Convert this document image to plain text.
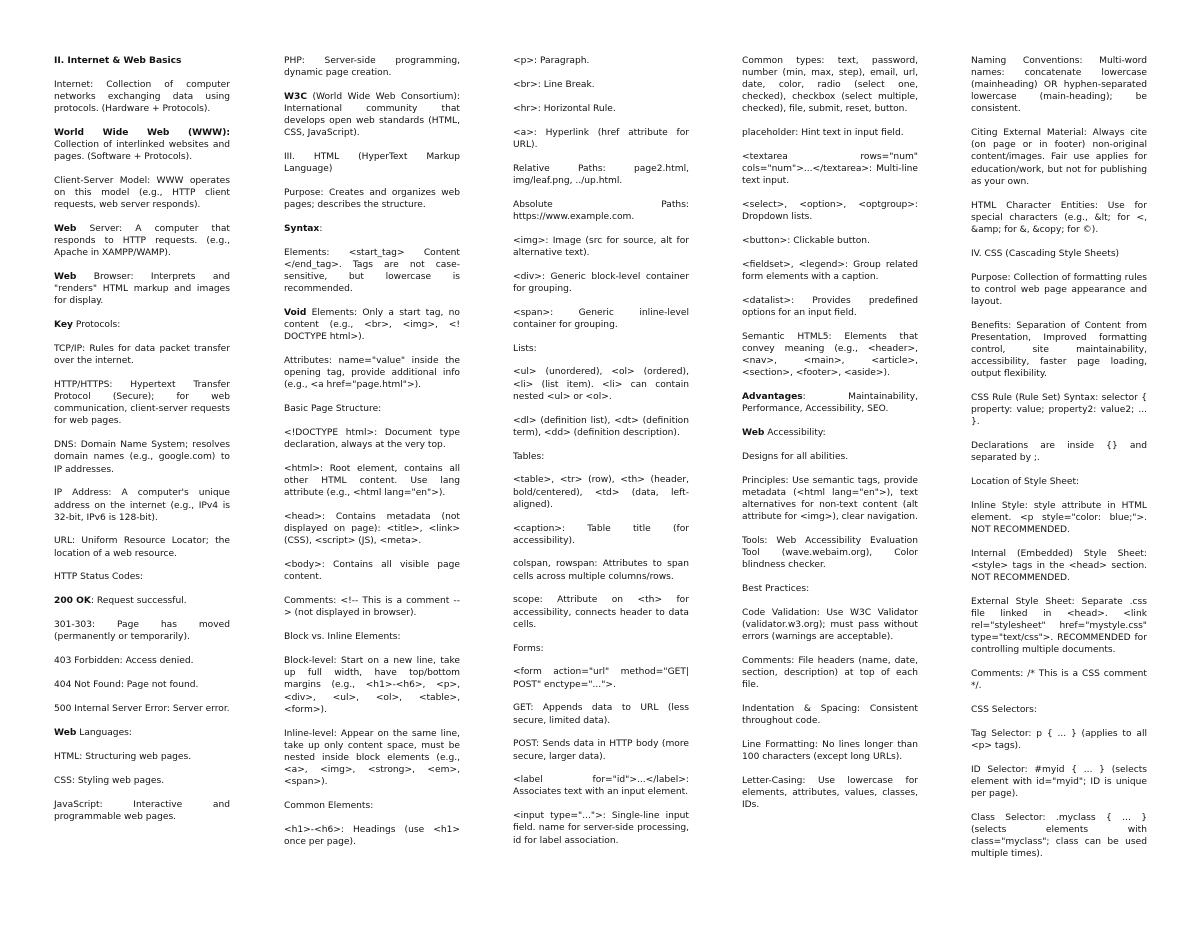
II. Internet & Web Basics

Internet: Collection of computer networks exchanging data using protocols. (Hardware + Protocols).

World Wide Web (WWW): Collection of interlinked websites and pages. (Software + Protocols).

Client-Server Model: WWW operates on this model (e.g., HTTP client requests, web server responds).

Web Server: A computer that responds to HTTP requests. (e.g., Apache in XAMPP/WAMP).

Web Browser: Interprets and "renders" HTML markup and images for display.

Key Protocols:

TCP/IP: Rules for data packet transfer over the internet.

HTTP/HTTPS: Hypertext Transfer Protocol (Secure); for web communication, client-server requests for web pages.

DNS: Domain Name System; resolves domain names (e.g., google.com) to IP addresses.

IP Address: A computer's unique address on the internet (e.g., IPv4 is 32-bit, IPv6 is 128-bit).

URL: Uniform Resource Locator; the location of a web resource.

HTTP Status Codes:

200 OK: Request successful.

301-303: Page has moved (permanently or temporarily).

403 Forbidden: Access denied.

404 Not Found: Page not found.

500 Internal Server Error: Server error.

Web Languages:

HTML: Structuring web pages.

CSS: Styling web pages.

JavaScript: Interactive and programmable web pages.

PHP: Server-side programming, dynamic page creation.

W3C (World Wide Web Consortium): International community that develops open web standards (HTML, CSS, JavaScript).

III. HTML (HyperText Markup Language)

Purpose: Creates and organizes web pages; describes the structure.

Syntax:

Elements: <start_tag> Content </end_tag>. Tags are not case-sensitive, but lowercase is recommended.

Void Elements: Only a start tag, no content (e.g., <br>, <img>, <! DOCTYPE html>).

Attributes: name="value" inside the opening tag, provide additional info (e.g., <a href="page.html">).

Basic Page Structure:

<!DOCTYPE html>: Document type declaration, always at the very top.

<html>: Root element, contains all other HTML content. Use lang attribute (e.g., <html lang="en">).

<head>: Contains metadata (not displayed on page): <title>, <link> (CSS), <script> (JS), <meta>.

<body>: Contains all visible page content.

Comments: <!-- This is a comment --> (not displayed in browser).

Block vs. Inline Elements:

Block-level: Start on a new line, take up full width, have top/bottom margins (e.g., <h1>-<h6>, <p>, <div>, <ul>, <ol>, <table>, <form>).

Inline-level: Appear on the same line, take up only content space, must be nested inside block elements (e.g., <a>, <img>, <strong>, <em>, <span>).

Common Elements:

<h1>-<h6>: Headings (use <h1> once per page).

<p>: Paragraph.

<br>: Line Break.

<hr>: Horizontal Rule.

<a>: Hyperlink (href attribute for URL).

Relative Paths: page2.html, img/leaf.png, ../up.html.

Absolute Paths: https://www.example.com.

<img>: Image (src for source, alt for alternative text).

<div>: Generic block-level container for grouping.

<span>: Generic inline-level container for grouping.

Lists:

<ul> (unordered), <ol> (ordered), <li> (list item). <li> can contain nested <ul> or <ol>.

<dl> (definition list), <dt> (definition term), <dd> (definition description).

Tables:

<table>, <tr> (row), <th> (header, bold/centered), <td> (data, left-aligned).

<caption>: Table title (for accessibility).

colspan, rowspan: Attributes to span cells across multiple columns/rows.

scope: Attribute on <th> for accessibility, connects header to data cells.

Forms:

<form action="url" method="GET| POST" enctype="...">.

GET: Appends data to URL (less secure, limited data).

POST: Sends data in HTTP body (more secure, larger data).

<label for="id">...</label>: Associates text with an input element.

<input type="...">: Single-line input field. name for server-side processing, id for label association.

Common types: text, password, number (min, max, step), email, url, date, color, radio (select one, checked), checkbox (select multiple, checked), file, submit, reset, button.

placeholder: Hint text in input field.

<textarea rows="num" cols="num">...</textarea>: Multi-line text input.

<select>, <option>, <optgroup>: Dropdown lists.

<button>: Clickable button.

<fieldset>, <legend>: Group related form elements with a caption.

<datalist>: Provides predefined options for an input field.

Semantic HTML5: Elements that convey meaning (e.g., <header>, <nav>, <main>, <article>, <section>, <footer>, <aside>).

Advantages: Maintainability, Performance, Accessibility, SEO.

Web Accessibility:

Designs for all abilities.

Principles: Use semantic tags, provide metadata (<html lang="en">), text alternatives for non-text content (alt attribute for <img>), clear navigation.

Tools: Web Accessibility Evaluation Tool (wave.webaim.org), Color blindness checker.

Best Practices:

Code Validation: Use W3C Validator (validator.w3.org); must pass without errors (warnings are acceptable).

Comments: File headers (name, date, section, description) at top of each file.

Indentation & Spacing: Consistent throughout code.

Line Formatting: No lines longer than 100 characters (except long URLs).

Letter-Casing: Use lowercase for elements, attributes, values, classes, IDs.

Naming Conventions: Multi-word names: concatenate lowercase (mainheading) OR hyphen-separated lowercase (main-heading); be consistent.

Citing External Material: Always cite (on page or in footer) non-original content/images. Fair use applies for education/work, but not for publishing as your own.

HTML Character Entities: Use for special characters (e.g., &lt; for <, &amp; for &, &copy; for ©).

IV. CSS (Cascading Style Sheets)

Purpose: Collection of formatting rules to control web page appearance and layout.

Benefits: Separation of Content from Presentation, Improved formatting control, site maintainability, accessibility, faster page loading, output flexibility.

CSS Rule (Rule Set) Syntax: selector { property: value; property2: value2; ... }.

Declarations are inside {} and separated by ;.

Location of Style Sheet:

Inline Style: style attribute in HTML element. <p style="color: blue;">. NOT RECOMMENDED.

Internal (Embedded) Style Sheet: <style> tags in the <head> section. NOT RECOMMENDED.

External Style Sheet: Separate .css file linked in <head>. <link rel="stylesheet" href="mystyle.css" type="text/css">. RECOMMENDED for controlling multiple documents.

Comments: /* This is a CSS comment */.

CSS Selectors:

Tag Selector: p { ... } (applies to all <p> tags).

ID Selector: #myid { ... } (selects element with id="myid"; ID is unique per page).

Class Selector: .myclass { ... } (selects elements with class="myclass"; class can be used multiple times).
